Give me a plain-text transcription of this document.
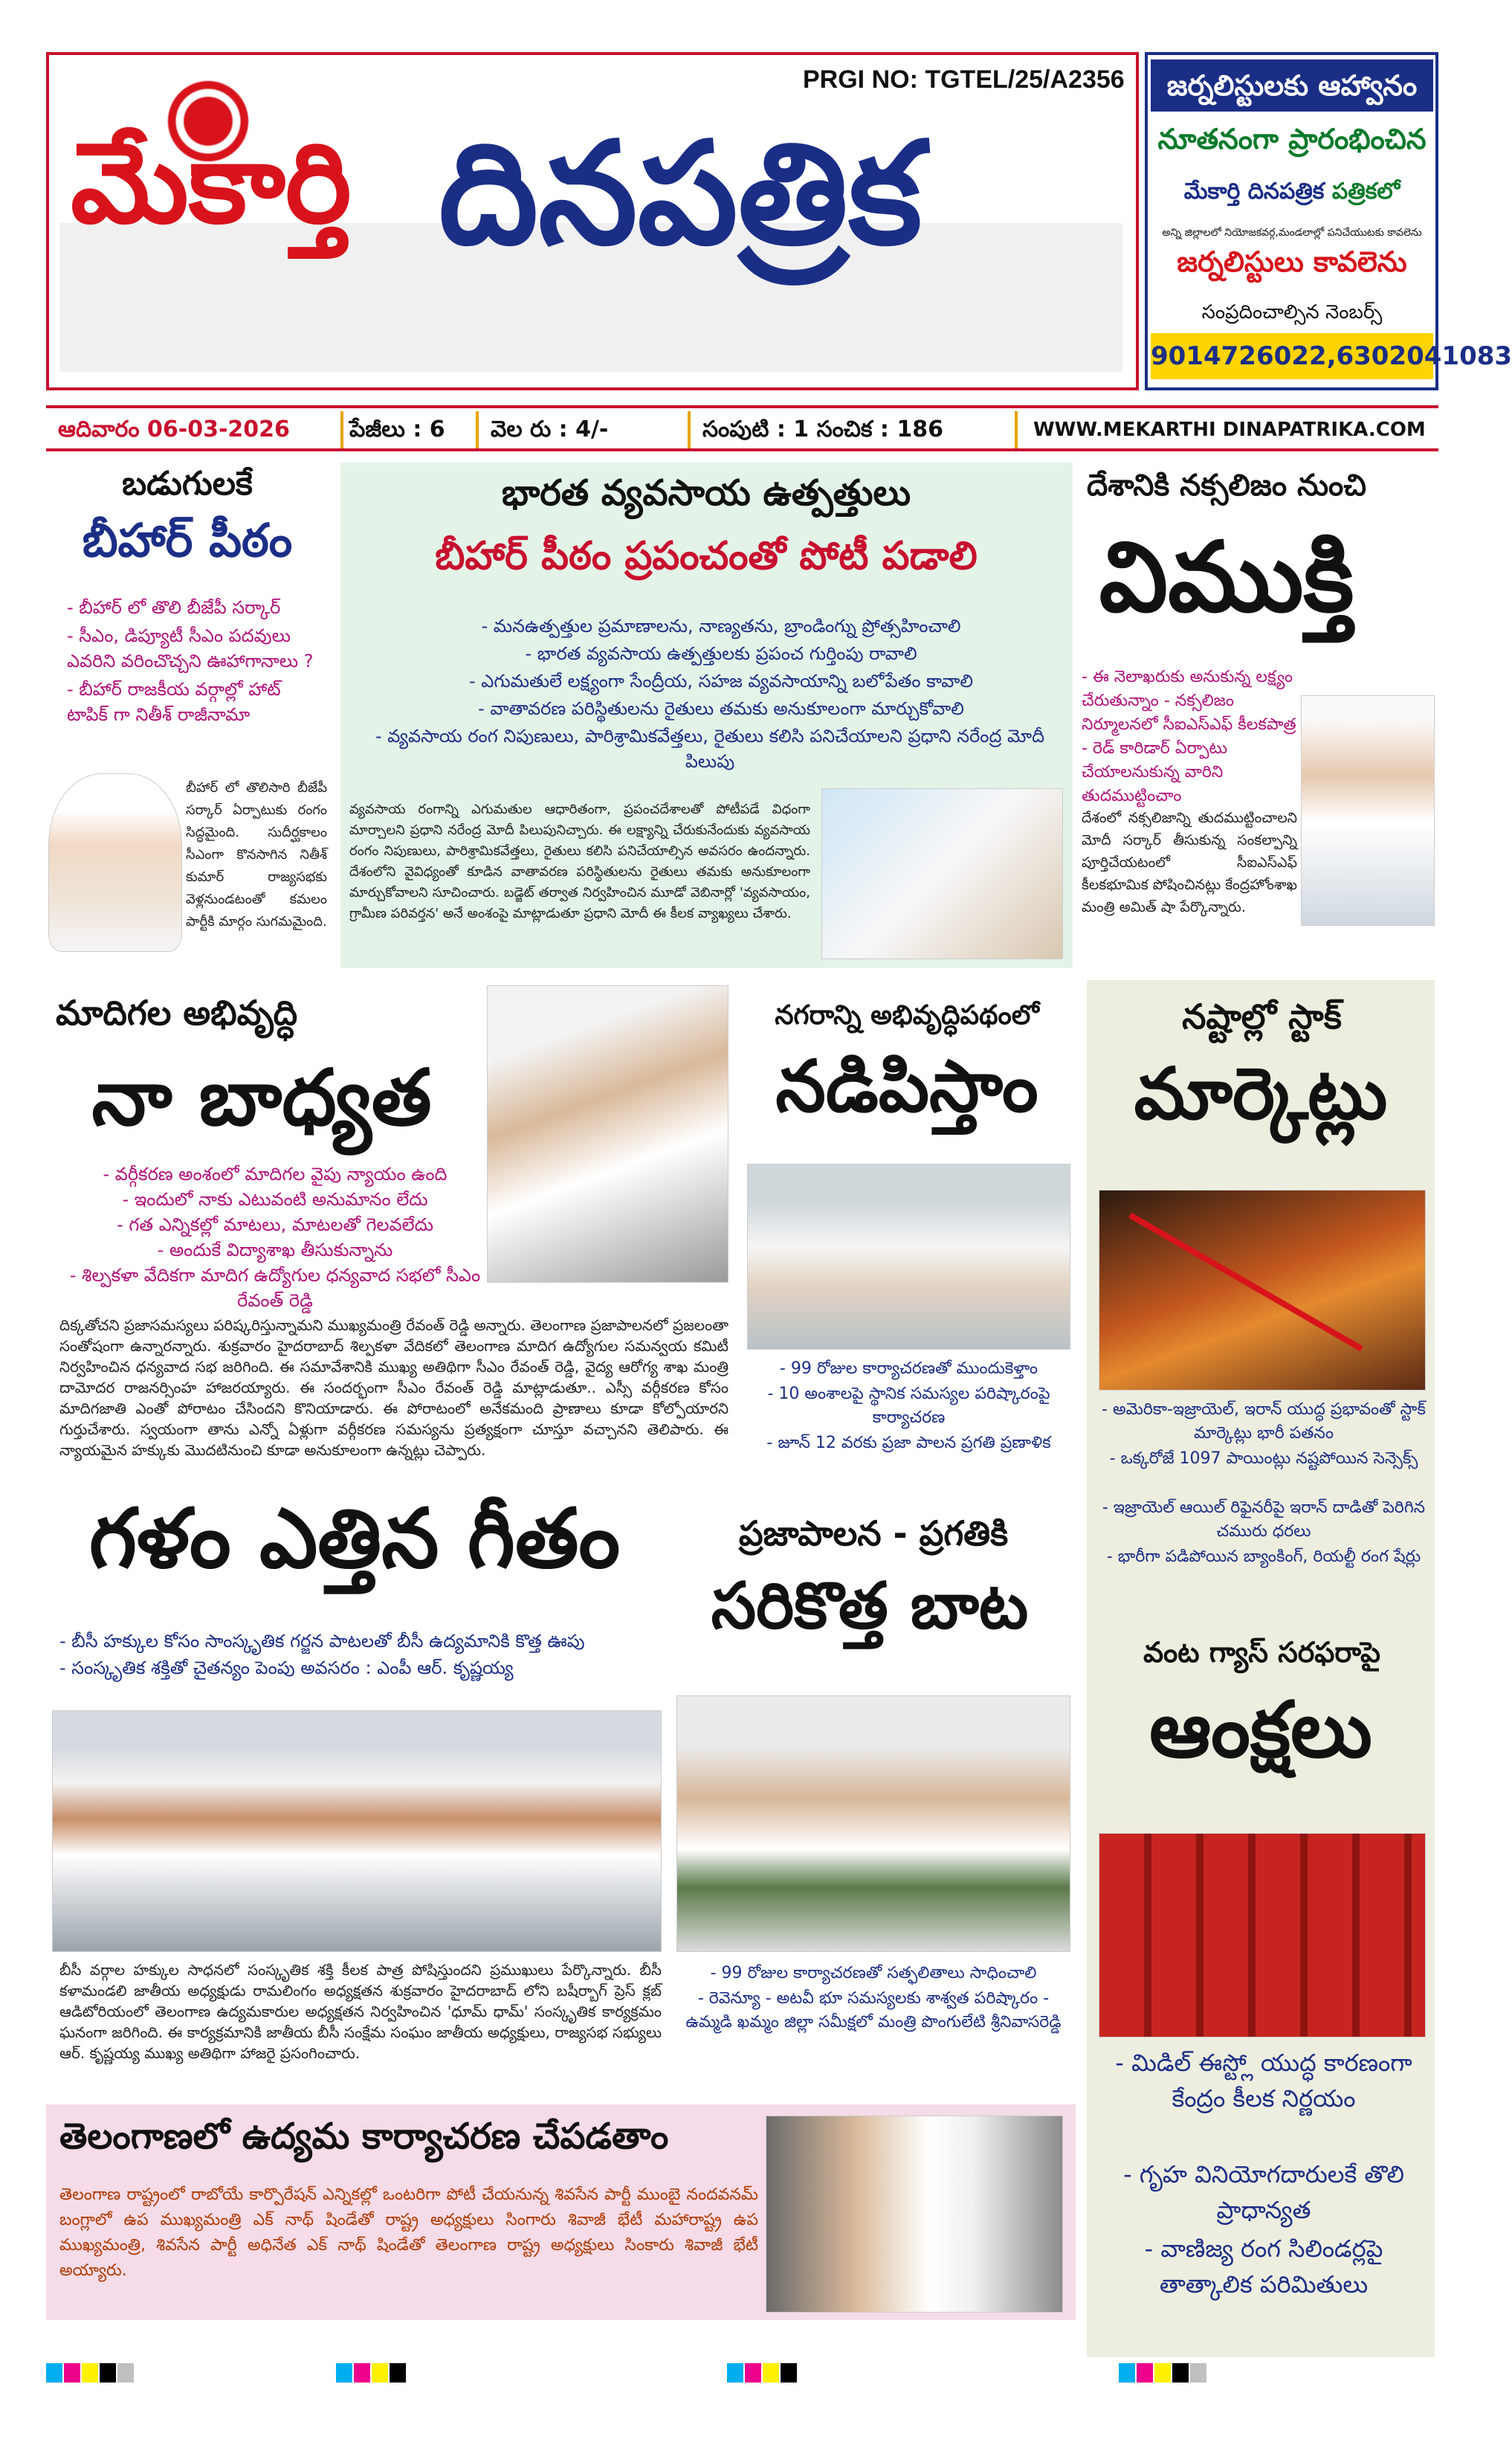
PRGI NO: TGTEL/25/A2356
మేకార్తి దినపత్రిక
జర్నలిస్టులకు ఆహ్వానం
నూతనంగా ప్రారంభించిన
మేకార్తి దినపత్రిక పత్రికలో
అన్ని జిల్లాలలో నియోజకవర్గ,మండలాల్లో పనిచేయుటకు కావలెను
జర్నలిస్టులు కావలెను
సంప్రదించాల్సిన నెంబర్స్
9014726022,6302041083
ఆదివారం 06-03-2026	పేజీలు : 6	వెల రు : 4/-	సంపుటి : 1 సంచిక : 186	WWW.MEKARTHI DINAPATRIKA.COM
బడుగులకే
బీహార్ పీఠం
- బీహార్ లో తొలి బీజేపీ సర్కార్
- సీఎం, డిప్యూటీ సీఎం పదవులు ఎవరిని వరించొచ్చని ఊహాగానాలు ?
- బీహార్ రాజకీయ వర్గాల్లో హాట్ టాపిక్ గా నితీశ్ రాజీనామా
బీహార్ లో తొలిసారి బీజేపీ సర్కార్ ఏర్పాటుకు రంగం సిద్ధమైంది. సుదీర్ఘకాలం సీఎంగా కొనసాగిన నితీశ్ కుమార్ రాజ్యసభకు వెళ్లనుండటంతో కమలం పార్టీకి మార్గం సుగమమైంది.
భారత వ్యవసాయ ఉత్పత్తులు
బీహార్ పీఠం ప్రపంచంతో పోటీ పడాలి
- మనఉత్పత్తుల ప్రమాణాలను, నాణ్యతను, బ్రాండింగ్ను ప్రోత్సహించాలి
- భారత వ్యవసాయ ఉత్పత్తులకు ప్రపంచ గుర్తింపు రావాలి
- ఎగుమతులే లక్ష్యంగా సేంద్రీయ, సహజ వ్యవసాయాన్ని బలోపేతం కావాలి
- వాతావరణ పరిస్థితులను రైతులు తమకు అనుకూలంగా మార్చుకోవాలి
- వ్యవసాయ రంగ నిపుణులు, పారిశ్రామికవేత్తలు, రైతులు కలిసి పనిచేయాలని ప్రధాని నరేంద్ర మోదీ పిలుపు
వ్యవసాయ రంగాన్ని ఎగుమతుల ఆధారితంగా, ప్రపంచదేశాలతో పోటీపడే విధంగా మార్చాలని ప్రధాని నరేంద్ర మోదీ పిలుపునిచ్చారు. ఈ లక్ష్యాన్ని చేరుకునేందుకు వ్యవసాయ రంగం నిపుణులు, పారిశ్రామికవేత్తలు, రైతులు కలిసి పనిచేయాల్సిన అవసరం ఉందన్నారు. దేశంలోని వైవిధ్యంతో కూడిన వాతావరణ పరిస్థితులను రైతులు తమకు అనుకూలంగా మార్చుకోవాలని సూచించారు. బడ్జెట్ తర్వాత నిర్వహించిన మూడో వెబినార్లో 'వ్యవసాయం, గ్రామీణ పరివర్తన' అనే అంశంపై మాట్లాడుతూ ప్రధాని మోదీ ఈ కీలక వ్యాఖ్యలు చేశారు.
దేశానికి నక్సలిజం నుంచి
విముక్తి
- ఈ నెలాఖరుకు అనుకున్న లక్ష్యం చేరుతున్నాం - నక్సలిజం నిర్మూలనలో సీఐఎస్ఎఫ్ కీలకపాత్ర - రెడ్ కారిడార్ ఏర్పాటు చేయాలనుకున్న వారిని తుదముట్టించాం
దేశంలో నక్సలిజాన్ని తుదముట్టించాలని మోదీ సర్కార్ తీసుకున్న సంకల్పాన్ని పూర్తిచేయటంలో సీఐఎస్ఎఫ్ కీలకభూమిక పోషించినట్లు కేంద్రహోంశాఖ మంత్రి అమిత్ షా పేర్కొన్నారు.
మాదిగల అభివృద్ధి
నా బాధ్యత
- వర్గీకరణ అంశంలో మాదిగల వైపు న్యాయం ఉంది
- ఇందులో నాకు ఎటువంటి అనుమానం లేదు
- గత ఎన్నికల్లో మాటలు, మాటలతో గెలవలేదు
- అందుకే విద్యాశాఖ తీసుకున్నాను
- శిల్పకళా వేదికగా మాదిగ ఉద్యోగుల ధన్యవాద సభలో సీఎం రేవంత్ రెడ్డి
దిక్కతోచని ప్రజాసమస్యలు పరిష్కరిస్తున్నామని ముఖ్యమంత్రి రేవంత్ రెడ్డి అన్నారు. తెలంగాణ ప్రజాపాలనలో ప్రజలంతా సంతోషంగా ఉన్నారన్నారు. శుక్రవారం హైదరాబాద్ శిల్పకళా వేదికలో తెలంగాణ మాదిగ ఉద్యోగుల సమన్వయ కమిటీ నిర్వహించిన ధన్యవాద సభ జరిగింది. ఈ సమావేశానికి ముఖ్య అతిథిగా సీఎం రేవంత్ రెడ్డి, వైద్య ఆరోగ్య శాఖ మంత్రి దామోదర రాజనర్సింహ హాజరయ్యారు. ఈ సందర్భంగా సీఎం రేవంత్ రెడ్డి మాట్లాడుతూ.. ఎస్సీ వర్గీకరణ కోసం మాదిగజాతి ఎంతో పోరాటం చేసిందని కొనియాడారు. ఈ పోరాటంలో అనేకమంది ప్రాణాలు కూడా కోల్పోయారని గుర్తుచేశారు. స్వయంగా తాను ఎన్నో ఏళ్లుగా వర్గీకరణ సమస్యను ప్రత్యక్షంగా చూస్తూ వచ్చానని తెలిపారు. ఈ న్యాయమైన హక్కుకు మొదటినుంచి కూడా అనుకూలంగా ఉన్నట్లు చెప్పారు.
నగరాన్ని అభివృద్ధిపథంలో
నడిపిస్తాం
- 99 రోజుల కార్యాచరణతో ముందుకెళ్తాం
- 10 అంశాలపై స్థానిక సమస్యల పరిష్కారంపై కార్యాచరణ
- జూన్ 12 వరకు ప్రజా పాలన ప్రగతి ప్రణాళిక
నష్టాల్లో స్టాక్
మార్కెట్లు
- అమెరికా-ఇజ్రాయెల్, ఇరాన్ యుద్ధ ప్రభావంతో స్టాక్ మార్కెట్లు భారీ పతనం
- ఒక్కరోజే 1097 పాయింట్లు నష్టపోయిన సెన్సెక్స్
- ఇజ్రాయెల్ ఆయిల్ రిఫైనరీపై ఇరాన్ దాడితో పెరిగిన చమురు ధరలు
- భారీగా పడిపోయిన బ్యాంకింగ్, రియల్టీ రంగ షేర్లు
వంట గ్యాస్ సరఫరాపై
ఆంక్షలు
- మిడిల్ ఈస్ట్లో యుద్ధ కారణంగా కేంద్రం కీలక నిర్ణయం
- గృహ వినియోగదారులకే తొలి ప్రాధాన్యత
- వాణిజ్య రంగ సిలిండర్లపై తాత్కాలిక పరిమితులు
గళం ఎత్తిన గీతం
- బీసీ హక్కుల కోసం సాంస్కృతిక గర్జన పాటలతో బీసీ ఉద్యమానికి కొత్త ఊపు
- సంస్కృతిక శక్తితో చైతన్యం పెంపు అవసరం : ఎంపీ ఆర్. కృష్ణయ్య
బీసీ వర్గాల హక్కుల సాధనలో సంస్కృతిక శక్తి కీలక పాత్ర పోషిస్తుందని ప్రముఖులు పేర్కొన్నారు. బీసీ కళామండలి జాతీయ అధ్యక్షుడు రామలింగం అధ్యక్షతన శుక్రవారం హైదరాబాద్ లోని బషీర్బాగ్ ప్రెస్ క్లబ్ ఆడిటోరియంలో తెలంగాణ ఉద్యమకారుల అధ్యక్షతన నిర్వహించిన 'ధూమ్ ధామ్' సంస్కృతిక కార్యక్రమం ఘనంగా జరిగింది. ఈ కార్యక్రమానికి జాతీయ బీసీ సంక్షేమ సంఘం జాతీయ అధ్యక్షులు, రాజ్యసభ సభ్యులు ఆర్. కృష్ణయ్య ముఖ్య అతిథిగా హాజరై ప్రసంగించారు.
ప్రజాపాలన - ప్రగతికి
సరికొత్త బాట
- 99 రోజుల కార్యాచరణతో సత్ఫలితాలు సాధించాలి
- రెవెన్యూ - అటవీ భూ సమస్యలకు శాశ్వత పరిష్కారం - ఉమ్మడి ఖమ్మం జిల్లా సమీక్షలో మంత్రి పొంగులేటి శ్రీనివాసరెడ్డి
తెలంగాణలో ఉద్యమ కార్యాచరణ చేపడతాం
తెలంగాణ రాష్ట్రంలో రాబోయే కార్పొరేషన్ ఎన్నికల్లో ఒంటరిగా పోటీ చేయనున్న శివసేన పార్టీ ముంబై నందవనమ్ బంగ్లాలో ఉప ముఖ్యమంత్రి ఎక్ నాథ్ షిండేతో రాష్ట్ర అధ్యక్షులు సింగారు శివాజీ భేటీ మహారాష్ట్ర ఉప ముఖ్యమంత్రి, శివసేన పార్టీ అధినేత ఎక్ నాథ్ షిండేతో తెలంగాణ రాష్ట్ర అధ్యక్షులు సింకారు శివాజీ భేటీ అయ్యారు.
